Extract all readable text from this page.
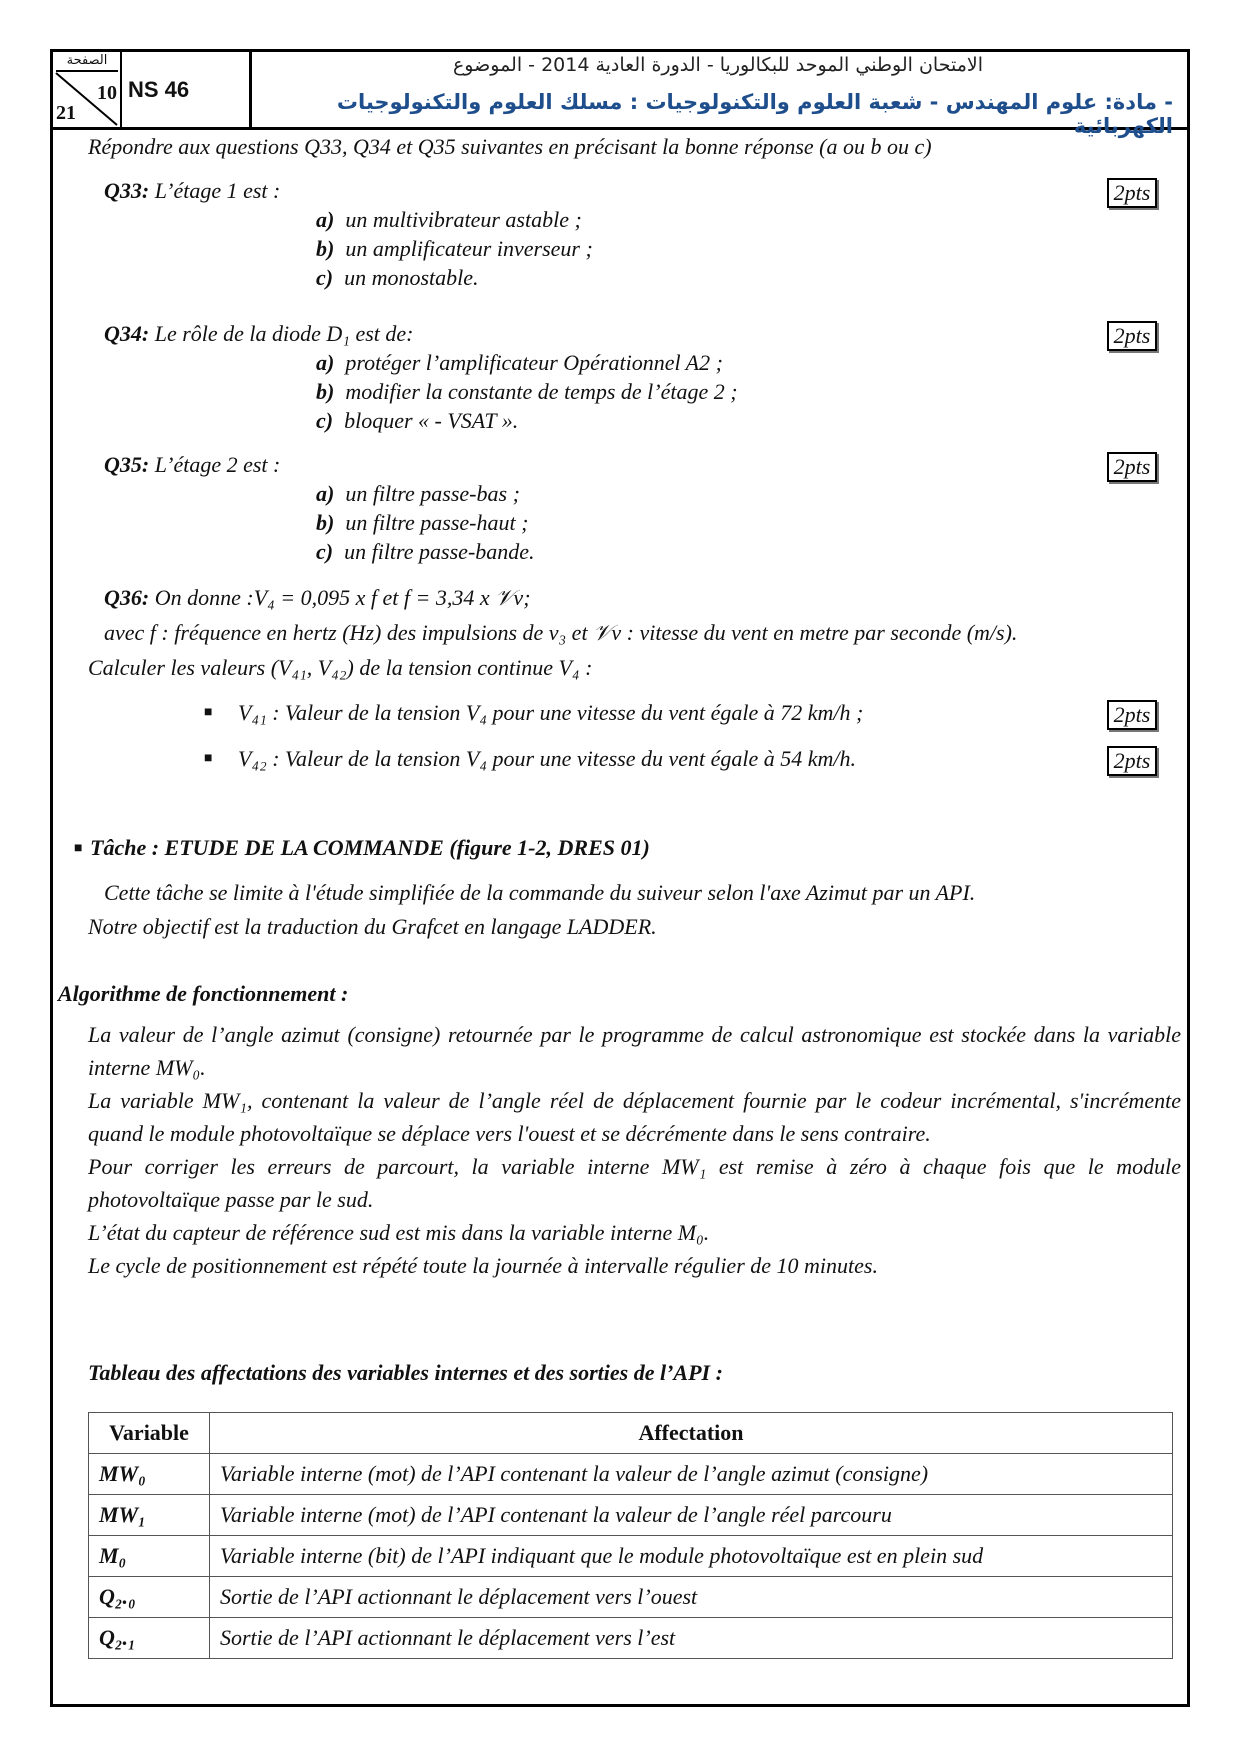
الصفحة
10
21
NS 46
الامتحان الوطني الموحد للبكالوريا - الدورة العادية 2014 - الموضوع
- مادة: علوم المهندس - شعبة العلوم والتكنولوجيات : مسلك العلوم والتكنولوجيات الكهربائية
Répondre aux questions Q33, Q34 et Q35 suivantes en précisant la bonne réponse (a ou b ou c)
Q33: L’étage 1 est :	2pts
a) un multivibrateur astable ;
b) un amplificateur inverseur ;
c) un monostable.
Q34: Le rôle de la diode D₁ est de:	2pts
a) protéger l’amplificateur Opérationnel A2 ;
b) modifier la constante de temps de l’étage 2 ;
c) bloquer « - VSAT ».
Q35: L’étage 2 est :	2pts
a) un filtre passe-bas ;
b) un filtre passe-haut ;
c) un filtre passe-bande.
Q36: On donne :V₄ = 0,095 x f et f = 3,34 x 𝒱v;
avec f : fréquence en hertz (Hz) des impulsions de v₃ et 𝒱v : vitesse du vent en metre par seconde (m/s).
Calculer les valeurs (V₄₁, V₄₂) de la tension continue V₄ :
■ V₄₁ : Valeur de la tension V₄ pour une vitesse du vent égale à 72 km/h ;	2pts
■ V₄₂ : Valeur de la tension V₄ pour une vitesse du vent égale à 54 km/h.	2pts
■ Tâche : ETUDE DE LA COMMANDE (figure 1-2, DRES 01)
Cette tâche se limite à l'étude simplifiée de la commande du suiveur selon l'axe Azimut par un API.
Notre objectif est la traduction du Grafcet en langage LADDER.
Algorithme de fonctionnement :

La valeur de l’angle azimut (consigne) retournée par le programme de calcul astronomique est stockée dans la variable interne MW₀.

La variable MW₁, contenant la valeur de l’angle réel de déplacement fournie par le codeur incrémental, s'incrémente quand le module photovoltaïque se déplace vers l'ouest et se décrémente dans le sens contraire.

Pour corriger les erreurs de parcourt, la variable interne MW₁ est remise à zéro à chaque fois que le module photovoltaïque passe par le sud.

L’état du capteur de référence sud est mis dans la variable interne M₀.

Le cycle de positionnement est répété toute la journée à intervalle régulier de 10 minutes.

Tableau des affectations des variables internes et des sorties de l’API :
Variable	Affectation
MW₀	Variable interne (mot) de l’API contenant la valeur de l’angle azimut (consigne)
MW₁	Variable interne (mot) de l’API contenant la valeur de l’angle réel parcouru
M₀	Variable interne (bit) de l’API indiquant que le module photovoltaïque est en plein sud
Q₂.₀	Sortie de l’API actionnant le déplacement vers l’ouest
Q₂.₁	Sortie de l’API actionnant le déplacement vers l’est
